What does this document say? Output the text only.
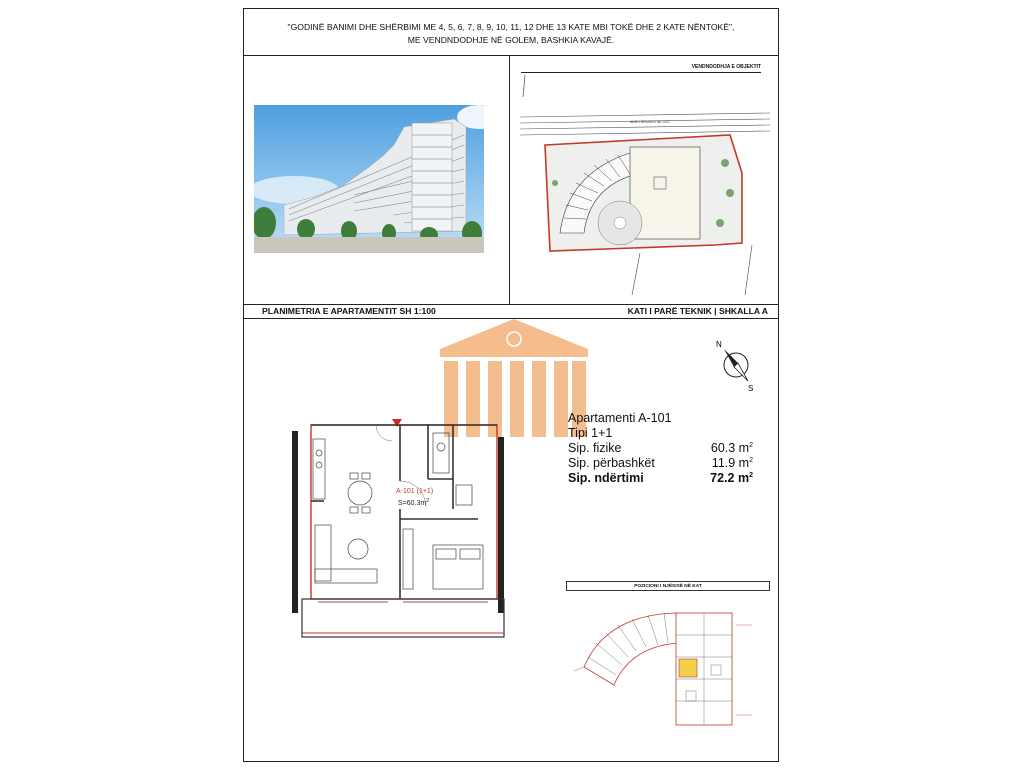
"GODINË BANIMI DHE SHËRBIMI ME 4, 5, 6, 7, 8, 9, 10, 11, 12 DHE 13 KATE MBI TOKË DHE 2 KATE NËNTOKË",
ME VENDNDODHJE NË GOLEM, BASHKIA KAVAJË.
VENDNDODHJA E OBJEKTIT
AKSI I RRUGES NE JUG
PLANIMETRIA E APARTAMENTIT SH 1:100	KATI I PARË TEKNIK | SHKALLA A
N
S
Apartamenti A-101
Tipi 1+1
Sip. fizike	60.3 $m^2$
Sip. përbashkët	11.9 $m^2$
Sip. ndërtimi	72.2 $m^2$
A-101 (1+1)
$S=60.3m^2$
POZICIONI I NJËSISË NË KAT
